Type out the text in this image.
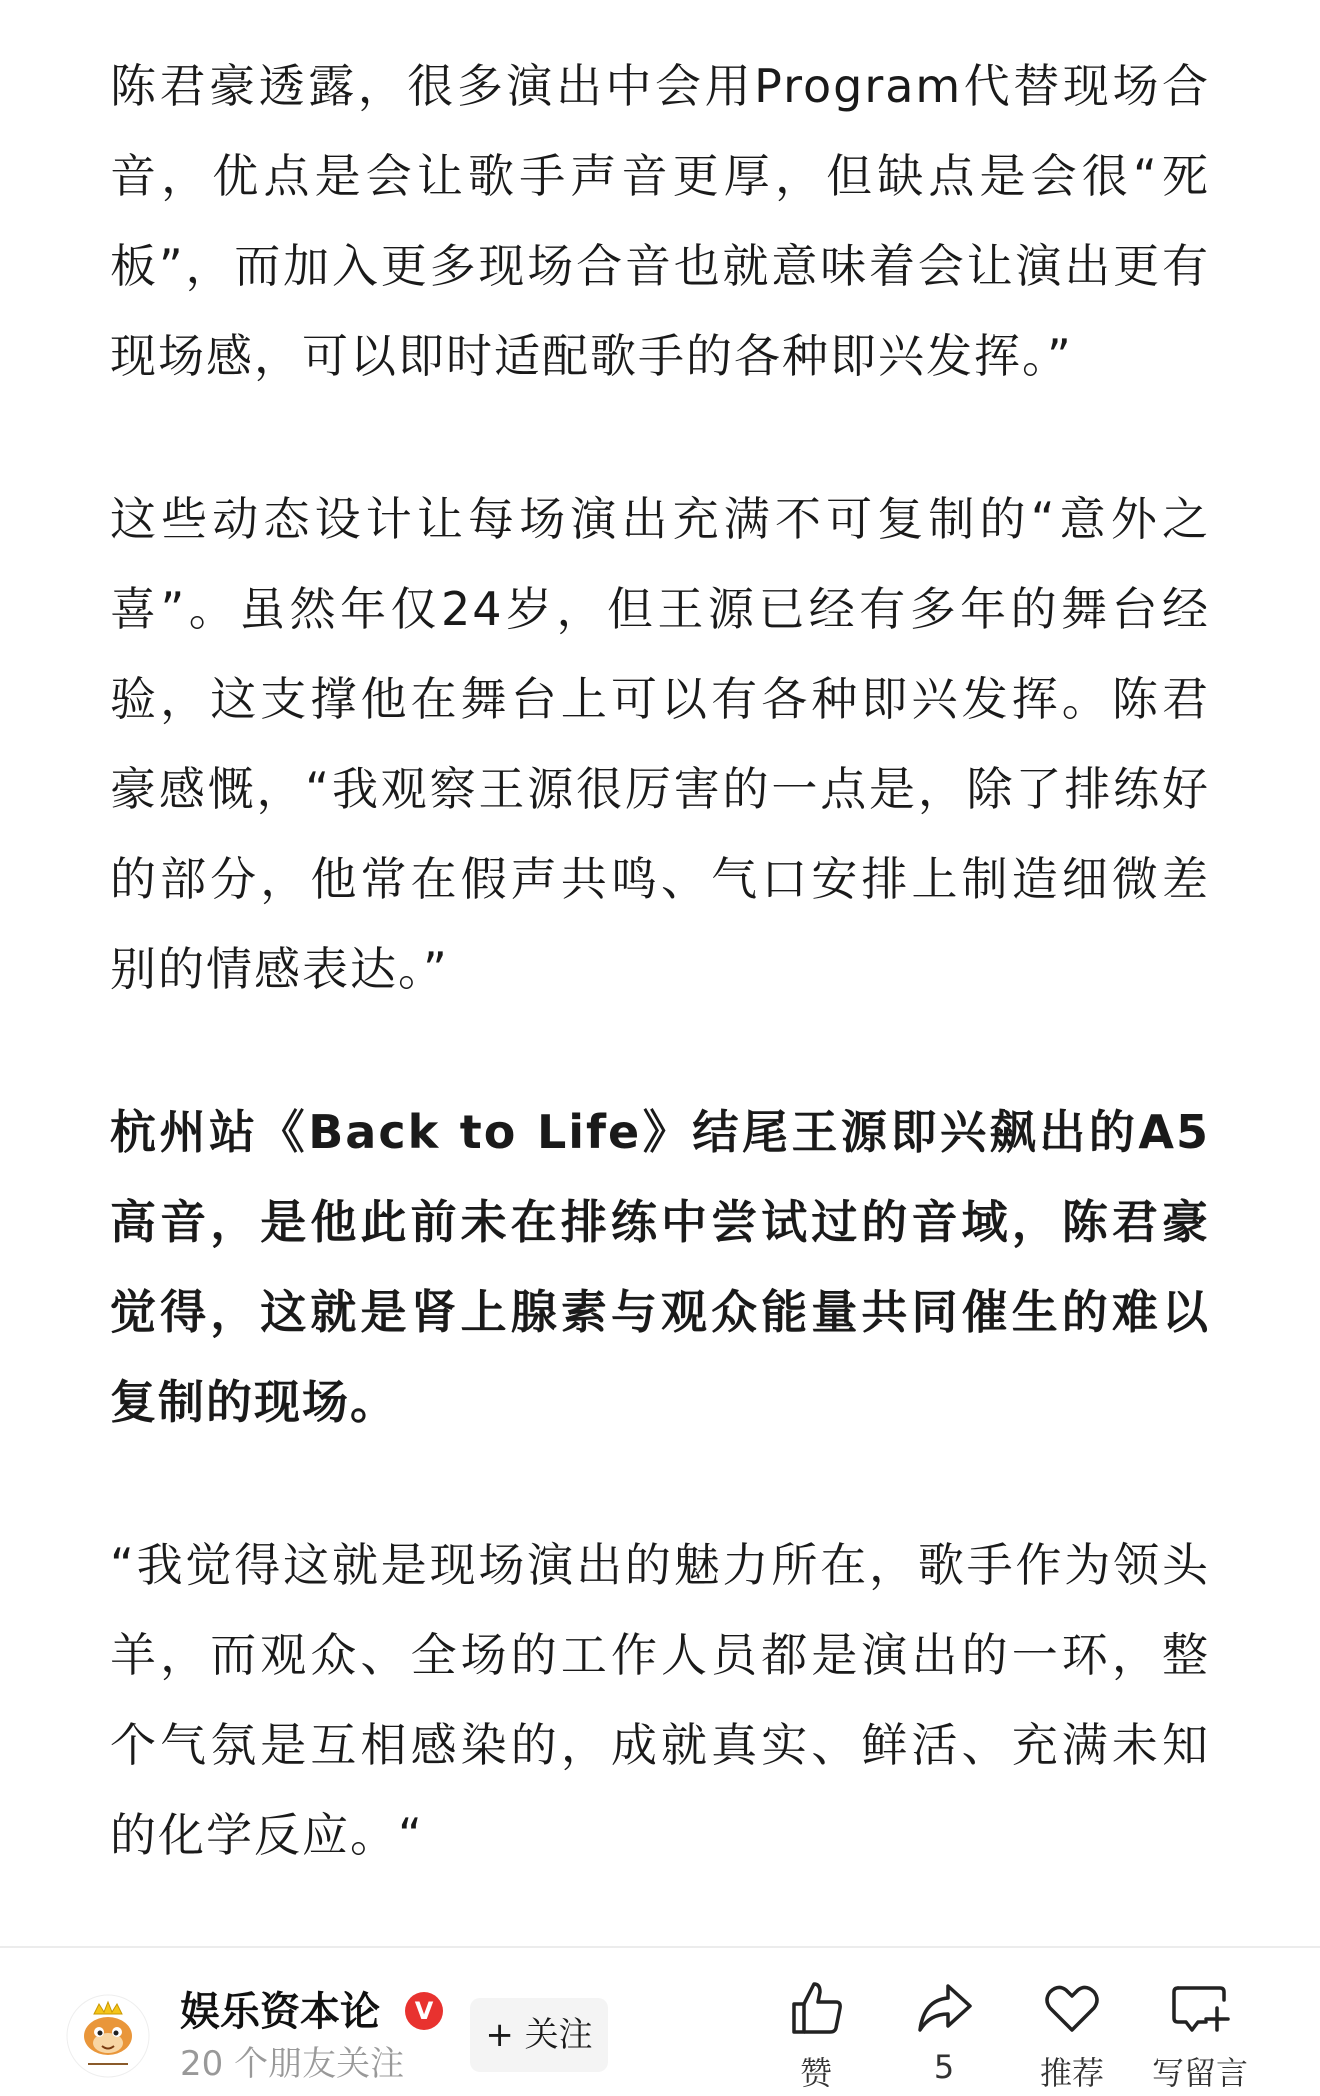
陈君豪透露，很多演出中会用Program代替现场合音，优点是会让歌手声音更厚，但缺点是会很“死板”，而加入更多现场合音也就意味着会让演出更有现场感，可以即时适配歌手的各种即兴发挥。”

这些动态设计让每场演出充满不可复制的“意外之喜”。虽然年仅24岁，但王源已经有多年的舞台经验，这支撑他在舞台上可以有各种即兴发挥。陈君豪感慨，“我观察王源很厉害的一点是，除了排练好的部分，他常在假声共鸣、气口安排上制造细微差别的情感表达。”

杭州站《Back to Life》结尾王源即兴飙出的A5高音，是他此前未在排练中尝试过的音域，陈君豪觉得，这就是肾上腺素与观众能量共同催生的难以复制的现场。

“我觉得这就是现场演出的魅力所在，歌手作为领头羊，而观众、全场的工作人员都是演出的一环，整个气氛是互相感染的，成就真实、鲜活、充满未知的化学反应。“

娱乐资本论	V
20 个朋友关注
+ 关注
赞	5	推荐	写留言
